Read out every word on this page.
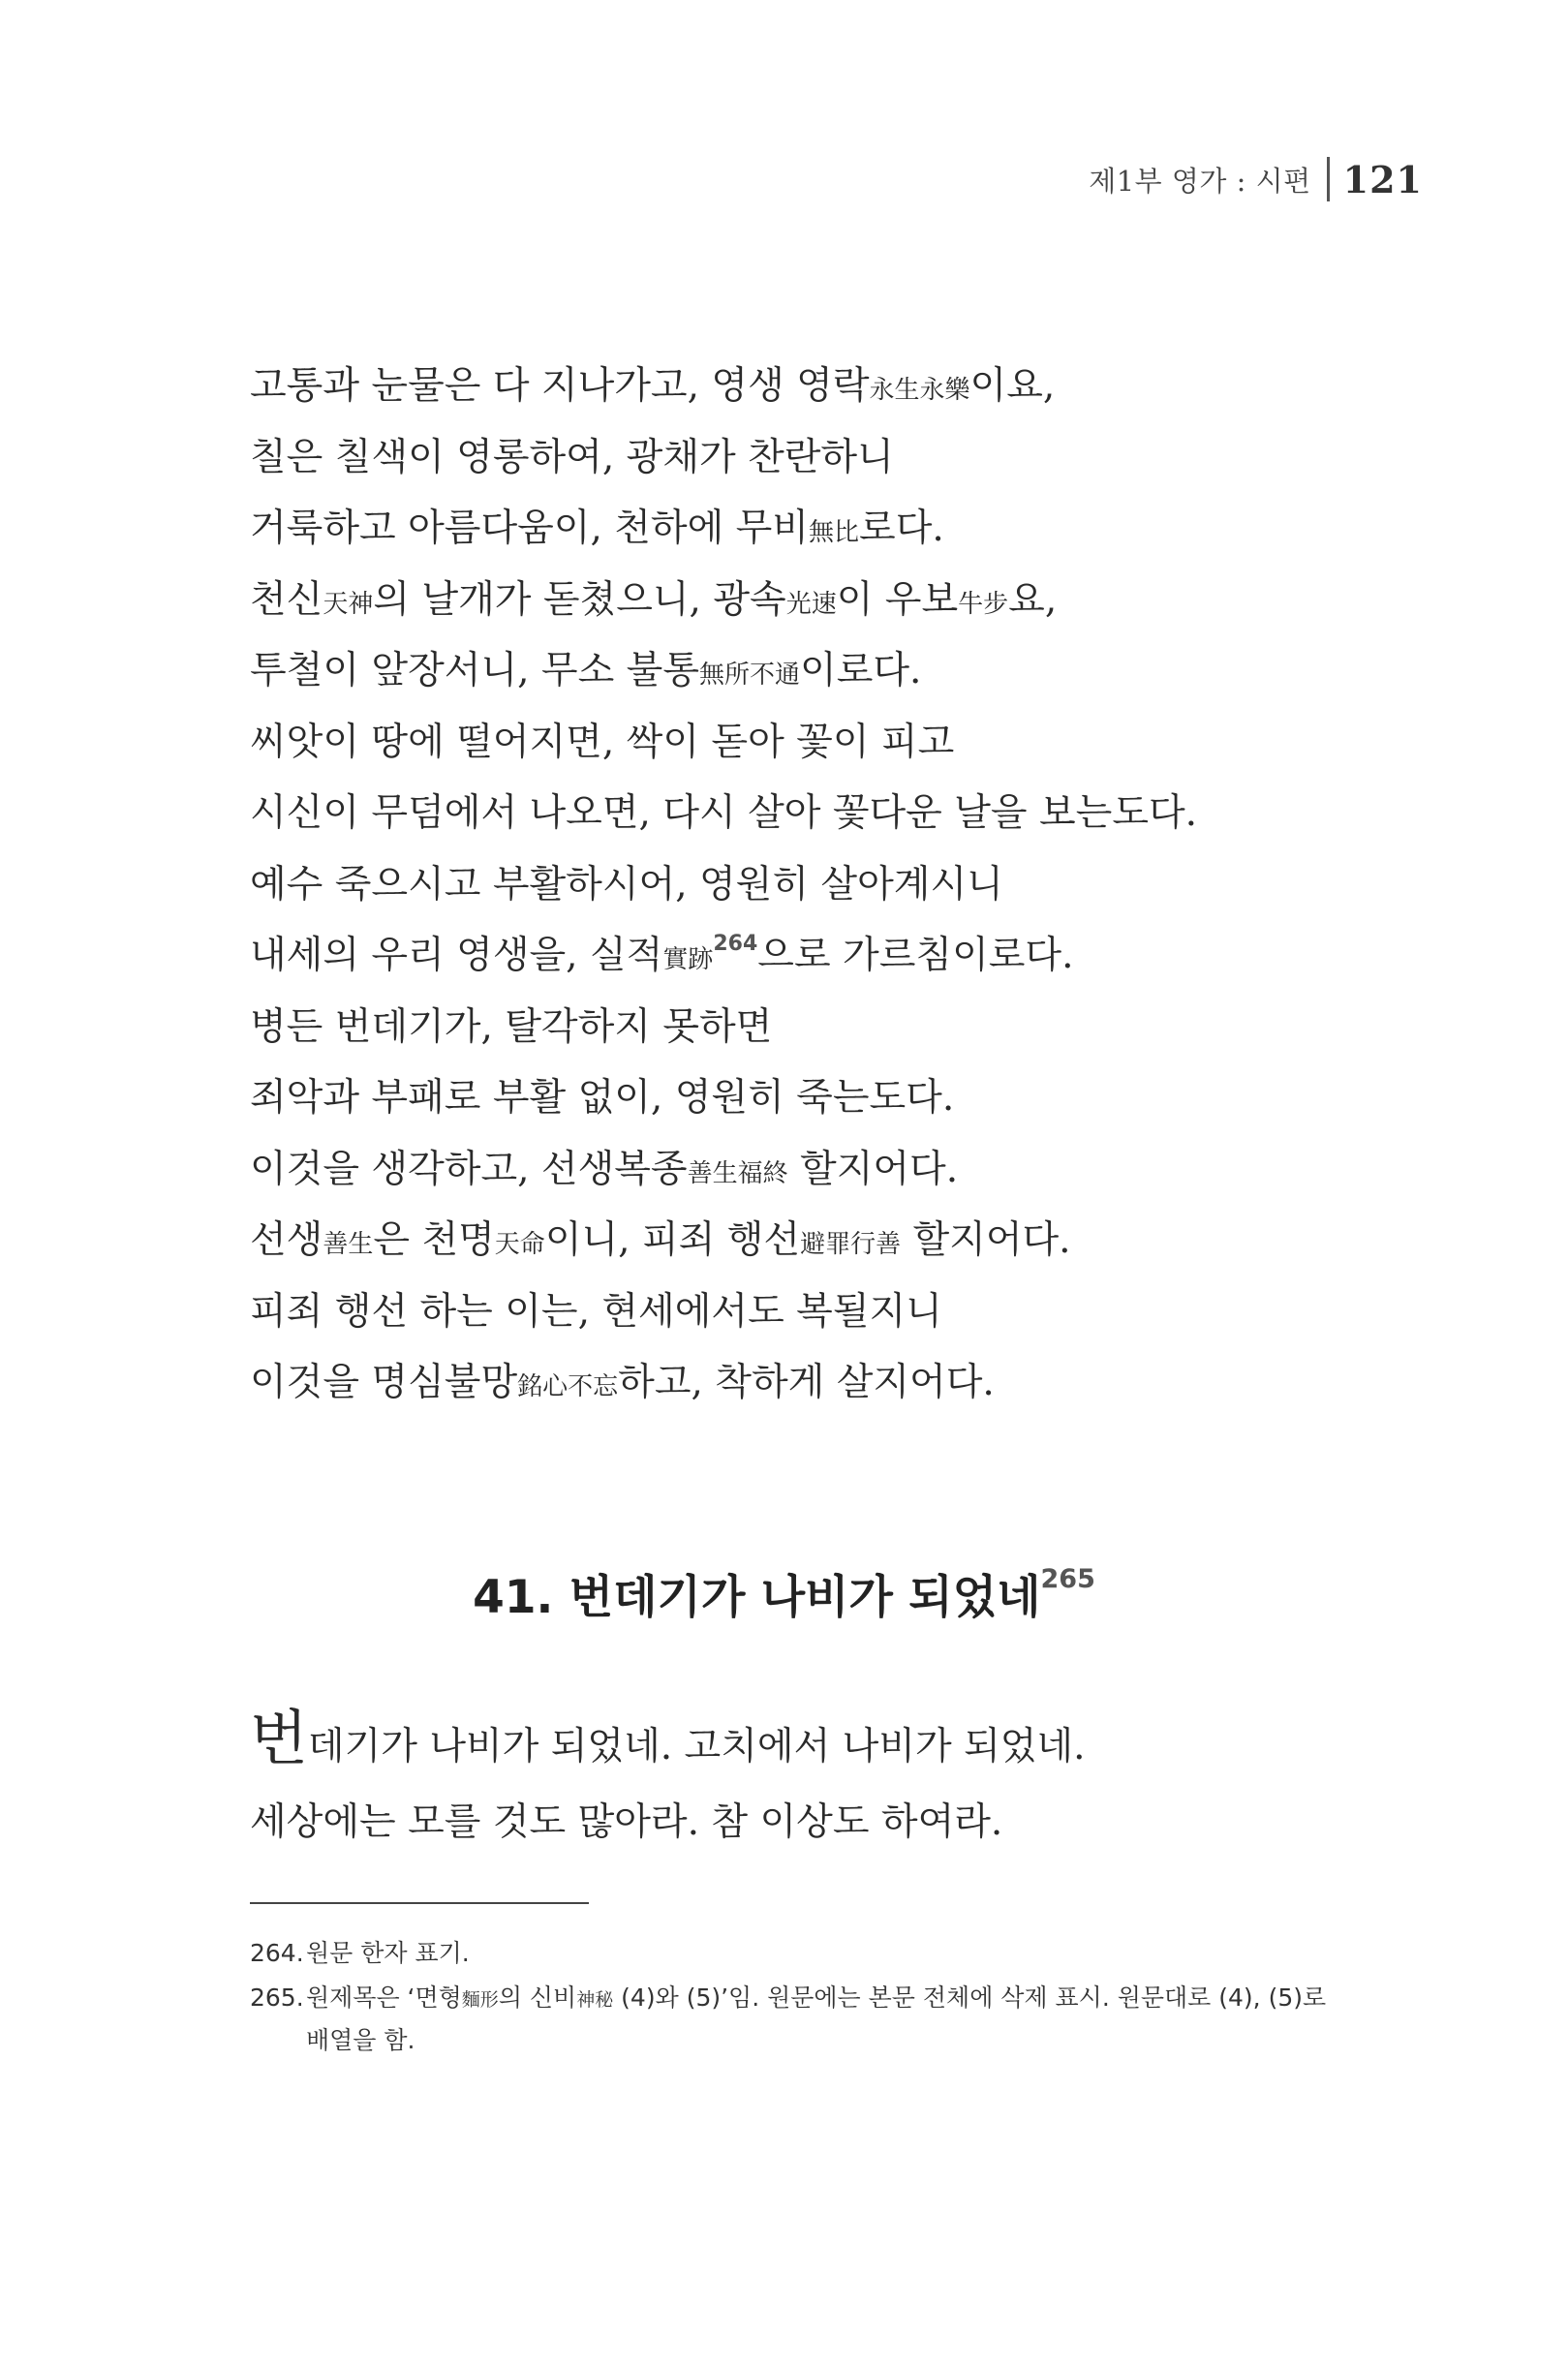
제1부 영가 : 시편 121
고통과 눈물은 다 지나가고, 영생 영락永生永樂이요,
칠은 칠색이 영롱하여, 광채가 찬란하니
거룩하고 아름다움이, 천하에 무비無比로다.
천신天神의 날개가 돋쳤으니, 광속光速이 우보牛步요,
투철이 앞장서니, 무소 불통無所不通이로다.
씨앗이 땅에 떨어지면, 싹이 돋아 꽃이 피고
시신이 무덤에서 나오면, 다시 살아 꽃다운 날을 보는도다.
예수 죽으시고 부활하시어, 영원히 살아계시니
내세의 우리 영생을, 실적實跡$^{264}$으로 가르침이로다.
병든 번데기가, 탈각하지 못하면
죄악과 부패로 부활 없이, 영원히 죽는도다.
이것을 생각하고, 선생복종善生福終 할지어다.
선생善生은 천명天命이니, 피죄 행선避罪行善 할지어다.
피죄 행선 하는 이는, 현세에서도 복될지니
이것을 명심불망銘心不忘하고, 착하게 살지어다.
41. 번데기가 나비가 되었네$^{265}$
번데기가 나비가 되었네. 고치에서 나비가 되었네.
세상에는 모를 것도 많아라. 참 이상도 하여라.
264. 원문 한자 표기.
265. 원제목은 ‘면형麵形의 신비神秘 (4)와 (5)’임. 원문에는 본문 전체에 삭제 표시. 원문대로 (4), (5)로 배열을 함.
